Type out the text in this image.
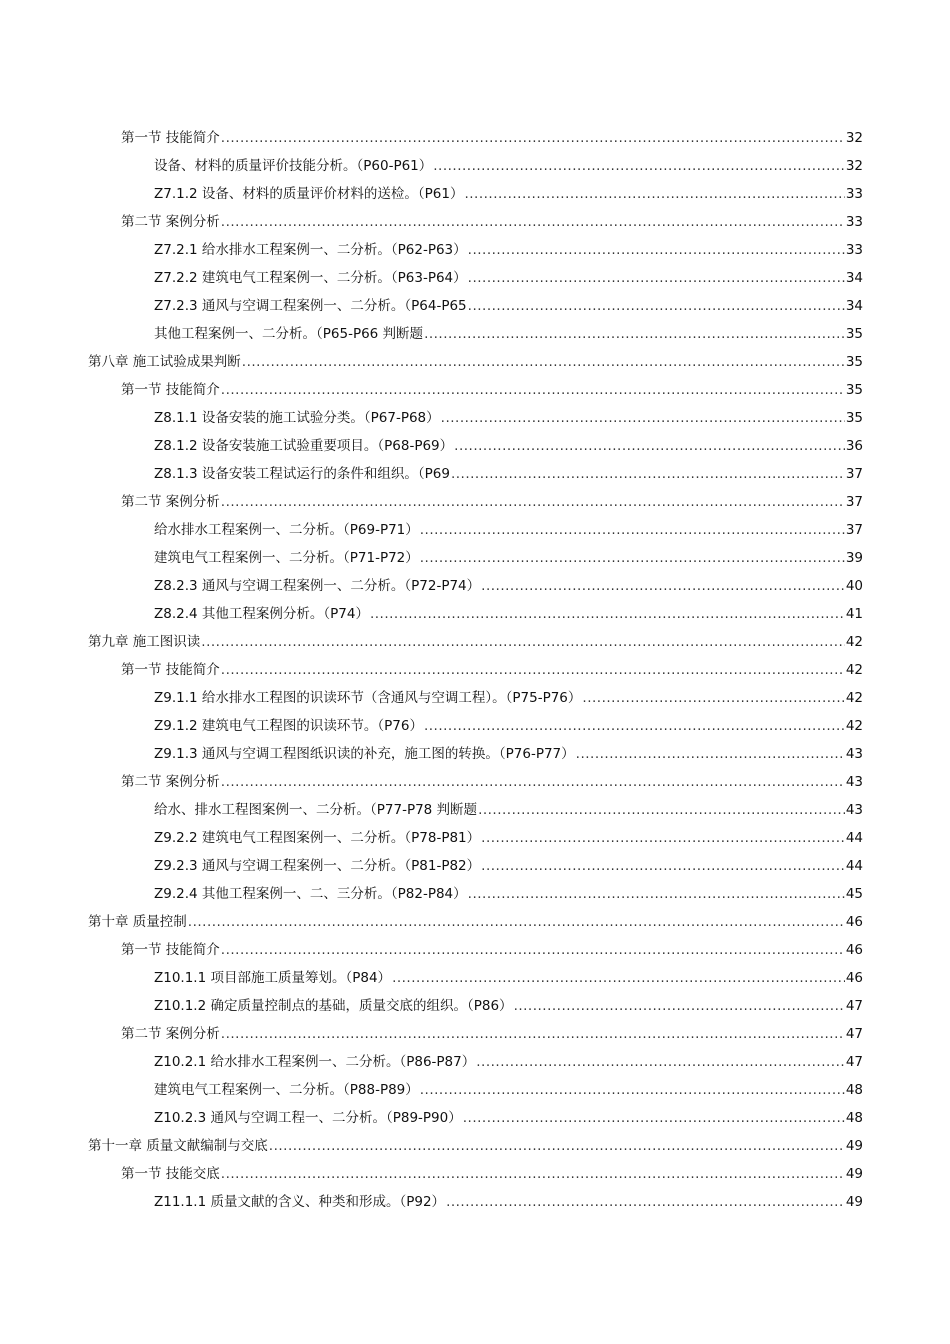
第一节 技能简介 .....	32
设备、材料的质量评价技能分析。（P60-P61） .....	32
Z7.1.2 设备、材料的质量评价材料的送检。（P61） .....	33
第二节 案例分析 .....	33
Z7.2.1 给水排水工程案例一、二分析。（P62-P63） .....	33
Z7.2.2 建筑电气工程案例一、二分析。（P63-P64） .....	34
Z7.2.3 通风与空调工程案例一、二分析。（P64-P65 .....	34
其他工程案例一、二分析。（P65-P66 判断题 .....	35
第八章 施工试验成果判断 .....	35
第一节 技能简介 .....	35
Z8.1.1 设备安装的施工试验分类。（P67-P68） .....	35
Z8.1.2 设备安装施工试验重要项目。（P68-P69） .....	36
Z8.1.3 设备安装工程试运行的条件和组织。（P69 .....	37
第二节 案例分析 .....	37
给水排水工程案例一、二分析。（P69-P71） .....	37
建筑电气工程案例一、二分析。（P71-P72） .....	39
Z8.2.3 通风与空调工程案例一、二分析。（P72-P74） .....	40
Z8.2.4 其他工程案例分析。（P74） .....	41
第九章 施工图识读 .....	42
第一节 技能简介 .....	42
Z9.1.1 给水排水工程图的识读环节（含通风与空调工程）。（P75-P76） .....	42
Z9.1.2 建筑电气工程图的识读环节。（P76） .....	42
Z9.1.3 通风与空调工程图纸识读的补充，施工图的转换。（P76-P77） .....	43
第二节 案例分析 .....	43
给水、排水工程图案例一、二分析。（P77-P78 判断题 .....	43
Z9.2.2 建筑电气工程图案例一、二分析。（P78-P81） .....	44
Z9.2.3 通风与空调工程案例一、二分析。（P81-P82） .....	44
Z9.2.4 其他工程案例一、二、三分析。（P82-P84） .....	45
第十章 质量控制 .....	46
第一节 技能简介 .....	46
Z10.1.1 项目部施工质量筹划。（P84） .....	46
Z10.1.2 确定质量控制点的基础，质量交底的组织。（P86） .....	47
第二节 案例分析 .....	47
Z10.2.1 给水排水工程案例一、二分析。（P86-P87） .....	47
建筑电气工程案例一、二分析。（P88-P89） .....	48
Z10.2.3 通风与空调工程一、二分析。（P89-P90） .....	48
第十一章 质量文献编制与交底 .....	49
第一节 技能交底 .....	49
Z11.1.1 质量文献的含义、种类和形成。（P92） .....	49
